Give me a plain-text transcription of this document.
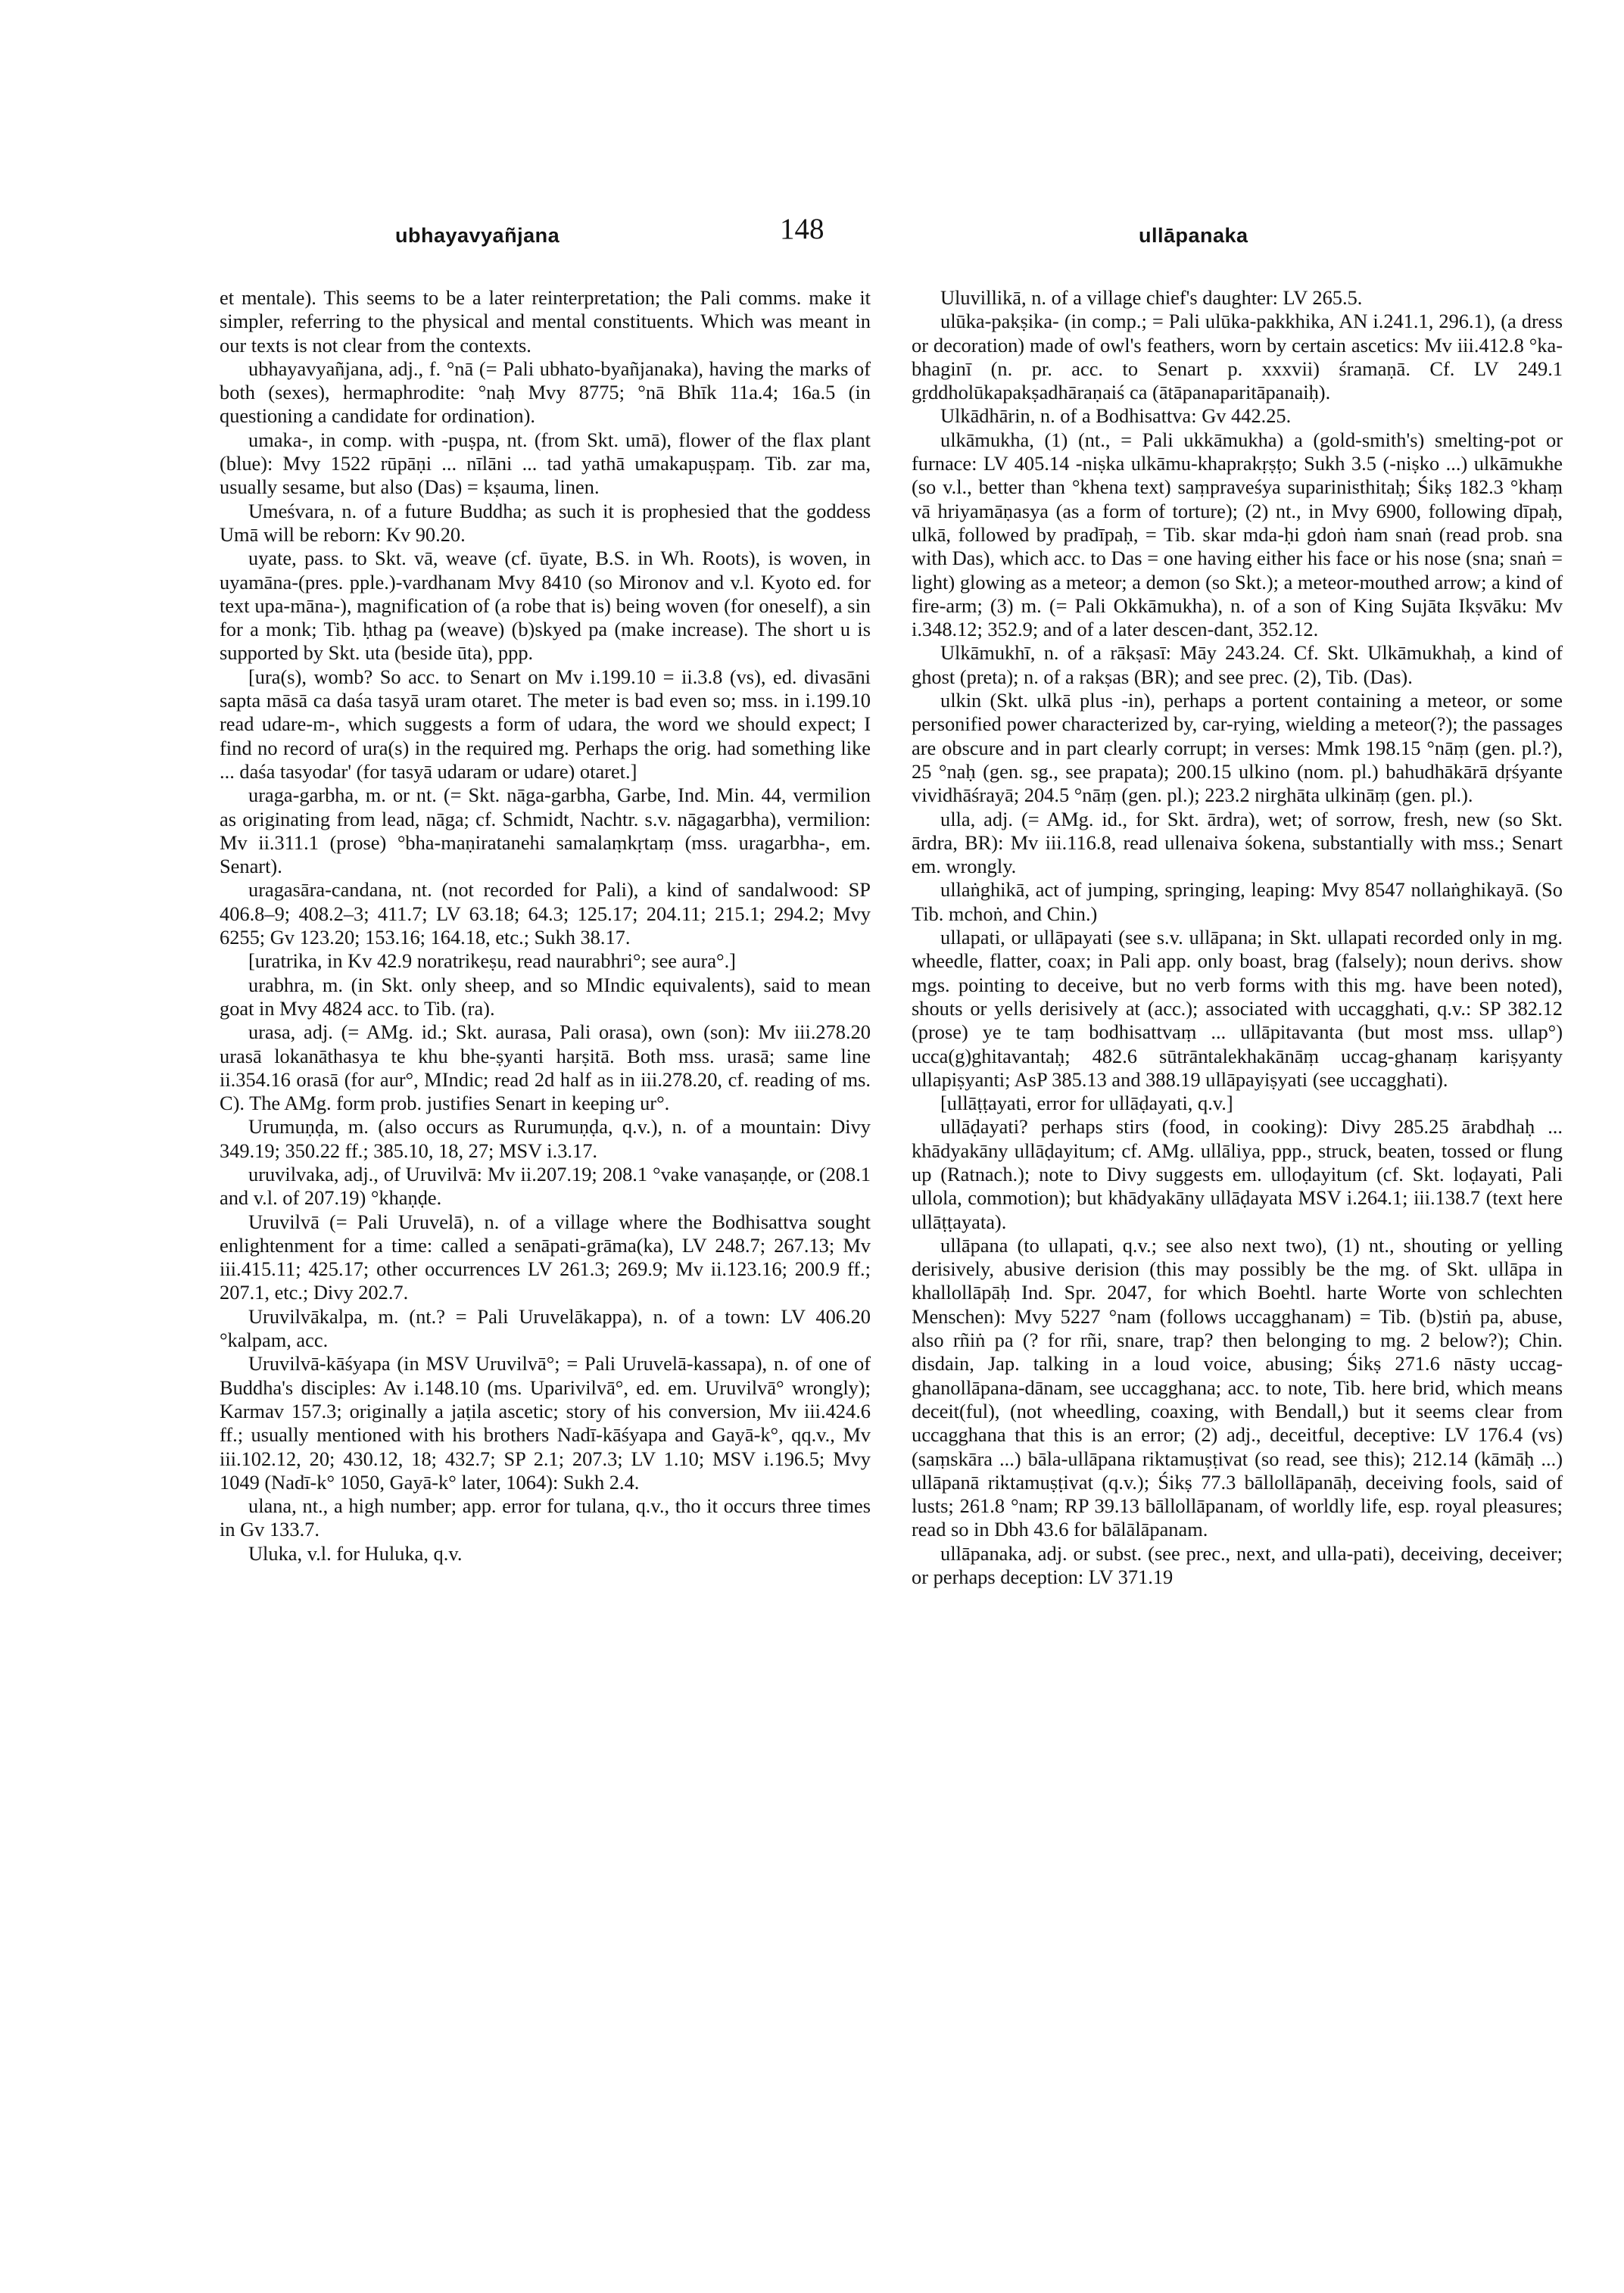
ubhayavyañjana	148	ullāpanaka

et mentale). This seems to be a later reinterpretation; the Pali comms. make it simpler, referring to the physical and mental constituents. Which was meant in our texts is not clear from the contexts.

ubhayavyañjana, adj., f. °nā (= Pali ubhato-byañjanaka), having the marks of both (sexes), hermaphrodite: °naḥ Mvy 8775; °nā Bhīk 11a.4; 16a.5 (in questioning a candidate for ordination).

umaka-, in comp. with -puṣpa, nt. (from Skt. umā), flower of the flax plant (blue): Mvy 1522 rūpāṇi ... nīlāni ... tad yathā umakapuṣpaṃ. Tib. zar ma, usually sesame, but also (Das) = kṣauma, linen.

Umeśvara, n. of a future Buddha; as such it is prophesied that the goddess Umā will be reborn: Kv 90.20.

uyate, pass. to Skt. vā, weave (cf. ūyate, B.S. in Wh. Roots), is woven, in uyamāna-(pres. pple.)-vardhanam Mvy 8410 (so Mironov and v.l. Kyoto ed. for text upa-māna-), magnification of (a robe that is) being woven (for oneself), a sin for a monk; Tib. ḥthag pa (weave) (b)skyed pa (make increase). The short u is supported by Skt. uta (beside ūta), ppp.

[ura(s), womb? So acc. to Senart on Mv i.199.10 = ii.3.8 (vs), ed. divasāni sapta māsā ca daśa tasyā uram otaret. The meter is bad even so; mss. in i.199.10 read udare-m-, which suggests a form of udara, the word we should expect; I find no record of ura(s) in the required mg. Perhaps the orig. had something like ... daśa tasyodar' (for tasyā udaram or udare) otaret.]

uraga-garbha, m. or nt. (= Skt. nāga-garbha, Garbe, Ind. Min. 44, vermilion as originating from lead, nāga; cf. Schmidt, Nachtr. s.v. nāgagarbha), vermilion: Mv ii.311.1 (prose) °bha-maṇiratanehi samalaṃkṛtaṃ (mss. uragarbha-, em. Senart).

uragasāra-candana, nt. (not recorded for Pali), a kind of sandalwood: SP 406.8–9; 408.2–3; 411.7; LV 63.18; 64.3; 125.17; 204.11; 215.1; 294.2; Mvy 6255; Gv 123.20; 153.16; 164.18, etc.; Sukh 38.17.

[uratrika, in Kv 42.9 noratrikeṣu, read naurabhri°; see aura°.]

urabhra, m. (in Skt. only sheep, and so MIndic equivalents), said to mean goat in Mvy 4824 acc. to Tib. (ra).

urasa, adj. (= AMg. id.; Skt. aurasa, Pali orasa), own (son): Mv iii.278.20 urasā lokanāthasya te khu bhe-ṣyanti harṣitā. Both mss. urasā; same line ii.354.16 orasā (for aur°, MIndic; read 2d half as in iii.278.20, cf. reading of ms. C). The AMg. form prob. justifies Senart in keeping ur°.

Urumuṇḍa, m. (also occurs as Rurumuṇḍa, q.v.), n. of a mountain: Divy 349.19; 350.22 ff.; 385.10, 18, 27; MSV i.3.17.

uruvilvaka, adj., of Uruvilvā: Mv ii.207.19; 208.1 °vake vanaṣaṇḍe, or (208.1 and v.l. of 207.19) °khaṇḍe.

Uruvilvā (= Pali Uruvelā), n. of a village where the Bodhisattva sought enlightenment for a time: called a senāpati-grāma(ka), LV 248.7; 267.13; Mv iii.415.11; 425.17; other occurrences LV 261.3; 269.9; Mv ii.123.16; 200.9 ff.; 207.1, etc.; Divy 202.7.

Uruvilvākalpa, m. (nt.? = Pali Uruvelākappa), n. of a town: LV 406.20 °kalpam, acc.

Uruvilvā-kāśyapa (in MSV Uruvilvā°; = Pali Uruvelā-kassapa), n. of one of Buddha's disciples: Av i.148.10 (ms. Uparivilvā°, ed. em. Uruvilvā° wrongly); Karmav 157.3; originally a jaṭila ascetic; story of his conversion, Mv iii.424.6 ff.; usually mentioned with his brothers Nadī-kāśyapa and Gayā-k°, qq.v., Mv iii.102.12, 20; 430.12, 18; 432.7; SP 2.1; 207.3; LV 1.10; MSV i.196.5; Mvy 1049 (Nadī-k° 1050, Gayā-k° later, 1064): Sukh 2.4.

ulana, nt., a high number; app. error for tulana, q.v., tho it occurs three times in Gv 133.7.

Uluka, v.l. for Huluka, q.v.

Uluvillikā, n. of a village chief's daughter: LV 265.5.

ulūka-pakṣika- (in comp.; = Pali ulūka-pakkhika, AN i.241.1, 296.1), (a dress or decoration) made of owl's feathers, worn by certain ascetics: Mv iii.412.8 °ka-bhaginī (n. pr. acc. to Senart p. xxxvii) śramaṇā. Cf. LV 249.1 gṛddholūkapakṣadhāraṇaiś ca (ātāpanaparitāpanaiḥ).

Ulkādhārin, n. of a Bodhisattva: Gv 442.25.

ulkāmukha, (1) (nt., = Pali ukkāmukha) a (gold-smith's) smelting-pot or furnace: LV 405.14 -niṣka ulkāmu-khaprakṛṣṭo; Sukh 3.5 (-niṣko ...) ulkāmukhe (so v.l., better than °khena text) saṃpraveśya suparinisthitaḥ; Śikṣ 182.3 °khaṃ vā hriyamāṇasya (as a form of torture); (2) nt., in Mvy 6900, following dīpaḥ, ulkā, followed by pradīpaḥ, = Tib. skar mda-ḥi gdoṅ ṅam snaṅ (read prob. sna with Das), which acc. to Das = one having either his face or his nose (sna; snaṅ = light) glowing as a meteor; a demon (so Skt.); a meteor-mouthed arrow; a kind of fire-arm; (3) m. (= Pali Okkāmukha), n. of a son of King Sujāta Ikṣvāku: Mv i.348.12; 352.9; and of a later descen-dant, 352.12.

Ulkāmukhī, n. of a rākṣasī: Māy 243.24. Cf. Skt. Ulkāmukhaḥ, a kind of ghost (preta); n. of a rakṣas (BR); and see prec. (2), Tib. (Das).

ulkin (Skt. ulkā plus -in), perhaps a portent containing a meteor, or some personified power characterized by, car-rying, wielding a meteor(?); the passages are obscure and in part clearly corrupt; in verses: Mmk 198.15 °nāṃ (gen. pl.?), 25 °naḥ (gen. sg., see prapata); 200.15 ulkino (nom. pl.) bahudhākārā dṛśyante vividhāśrayā; 204.5 °nāṃ (gen. pl.); 223.2 nirghāta ulkināṃ (gen. pl.).

ulla, adj. (= AMg. id., for Skt. ārdra), wet; of sorrow, fresh, new (so Skt. ārdra, BR): Mv iii.116.8, read ullenaiva śokena, substantially with mss.; Senart em. wrongly.

ullaṅghikā, act of jumping, springing, leaping: Mvy 8547 nollaṅghikayā. (So Tib. mchoṅ, and Chin.)

ullapati, or ullāpayati (see s.v. ullāpana; in Skt. ullapati recorded only in mg. wheedle, flatter, coax; in Pali app. only boast, brag (falsely); noun derivs. show mgs. pointing to deceive, but no verb forms with this mg. have been noted), shouts or yells derisively at (acc.); associated with uccagghati, q.v.: SP 382.12 (prose) ye te taṃ bodhisattvaṃ ... ullāpitavanta (but most mss. ullap°) ucca(g)ghitavantaḥ; 482.6 sūtrāntalekhakānāṃ uccag-ghanaṃ kariṣyanty ullapiṣyanti; AsP 385.13 and 388.19 ullāpayiṣyati (see uccagghati).

[ullāṭṭayati, error for ullāḍayati, q.v.]

ullāḍayati? perhaps stirs (food, in cooking): Divy 285.25 ārabdhaḥ ... khādyakāny ullāḍayitum; cf. AMg. ullāliya, ppp., struck, beaten, tossed or flung up (Ratnach.); note to Divy suggests em. ulloḍayitum (cf. Skt. loḍayati, Pali ullola, commotion); but khādyakāny ullāḍayata MSV i.264.1; iii.138.7 (text here ullāṭṭayata).

ullāpana (to ullapati, q.v.; see also next two), (1) nt., shouting or yelling derisively, abusive derision (this may possibly be the mg. of Skt. ullāpa in khallollāpāḥ Ind. Spr. 2047, for which Boehtl. harte Worte von schlechten Menschen): Mvy 5227 °nam (follows uccagghanam) = Tib. (b)stiṅ pa, abuse, also rñiṅ pa (? for rñi, snare, trap? then belonging to mg. 2 below?); Chin. disdain, Jap. talking in a loud voice, abusing; Śikṣ 271.6 nāsty uccag-ghanollāpana-dānam, see uccagghana; acc. to note, Tib. here brid, which means deceit(ful), (not wheedling, coaxing, with Bendall,) but it seems clear from uccagghana that this is an error; (2) adj., deceitful, deceptive: LV 176.4 (vs) (saṃskāra ...) bāla-ullāpana riktamuṣṭivat (so read, see this); 212.14 (kāmāḥ ...) ullāpanā riktamuṣṭivat (q.v.); Śikṣ 77.3 bāllollāpanāḥ, deceiving fools, said of lusts; 261.8 °nam; RP 39.13 bāllollāpanam, of worldly life, esp. royal pleasures; read so in Dbh 43.6 for bālālāpanam.

ullāpanaka, adj. or subst. (see prec., next, and ulla-pati), deceiving, deceiver; or perhaps deception: LV 371.19
